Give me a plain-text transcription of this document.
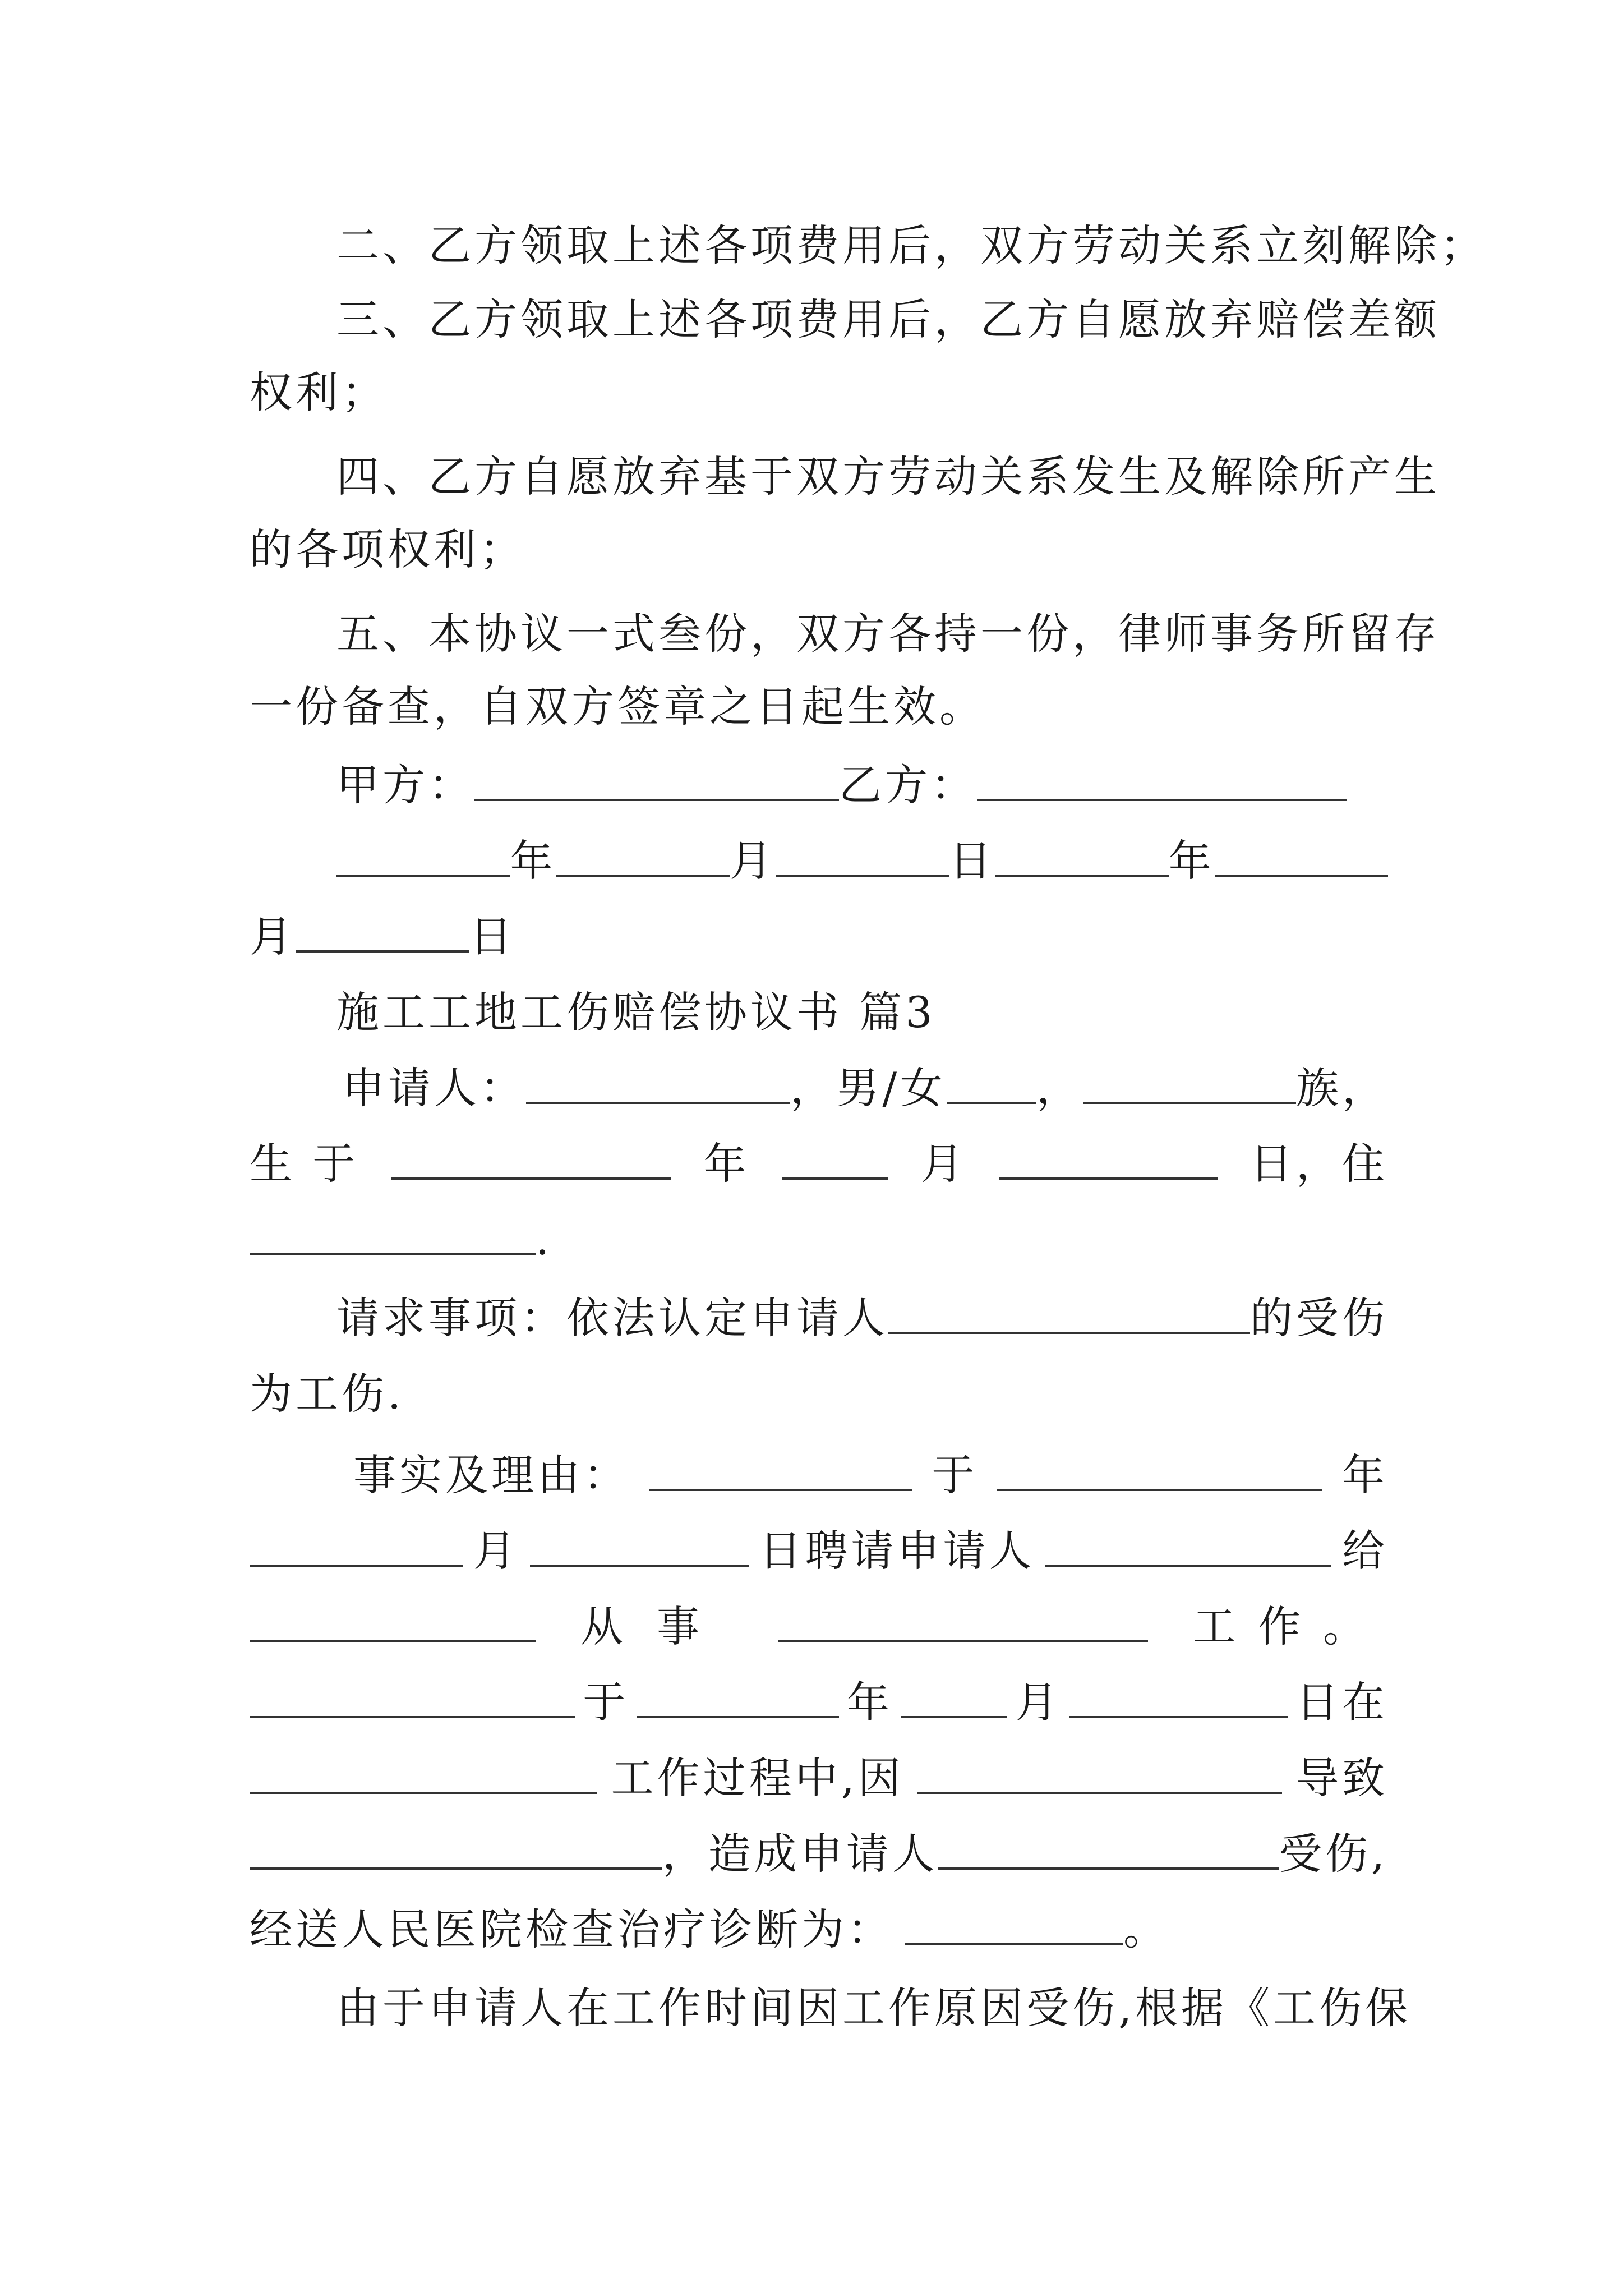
二、乙方领取上述各项费用后，双方劳动关系立刻解除；
三、乙方领取上述各项费用后，乙方自愿放弃赔偿差额
权利；
四、乙方自愿放弃基于双方劳动关系发生及解除所产生
的各项权利；
五、本协议一式叁份，双方各持一份，律师事务所留存
一份备查，自双方签章之日起生效。
甲方：	乙方：
年	月	日	年
月	日
施工工地工伤赔偿协议书 篇3
申请人：	， 男/女 ，	族，
生 于	年	月	日，住
.
请求事项：依法认定申请人	的受伤
为工伤.
事实及理由：	于	年
月	日聘请申请人	给
从事	工作。
于	年	月	日在
工作过程中,因	导致
，造成申请人	受伤,
经送人民医院检查治疗诊断为：	。
由于申请人在工作时间因工作原因受伤,根据《工伤保
